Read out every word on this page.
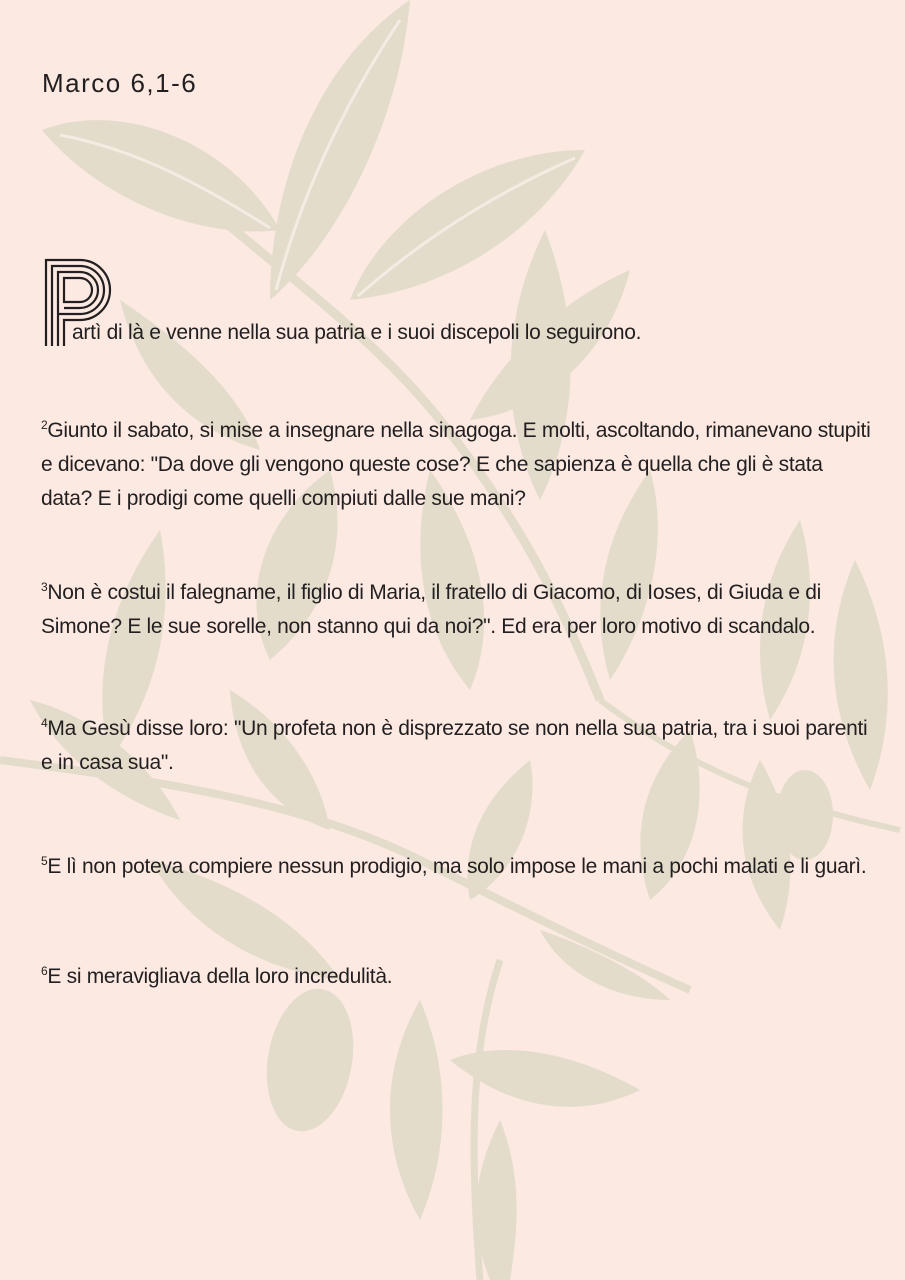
Marco 6,1-6

artì di là e venne nella sua patria e i suoi discepoli lo seguirono.

$^2$Giunto il sabato, si mise a insegnare nella sinagoga. E molti, ascoltando, rimanevano stupiti e dicevano: "Da dove gli vengono queste cose? E che sapienza è quella che gli è stata data? E i prodigi come quelli compiuti dalle sue mani?

$^3$Non è costui il falegname, il figlio di Maria, il fratello di Giacomo, di Ioses, di Giuda e di Simone? E le sue sorelle, non stanno qui da noi?". Ed era per loro motivo di scandalo.

$^4$Ma Gesù disse loro: "Un profeta non è disprezzato se non nella sua patria, tra i suoi parenti e in casa sua".

$^5$E lì non poteva compiere nessun prodigio, ma solo impose le mani a pochi malati e li guarì.

$^6$E si meravigliava della loro incredulità.
